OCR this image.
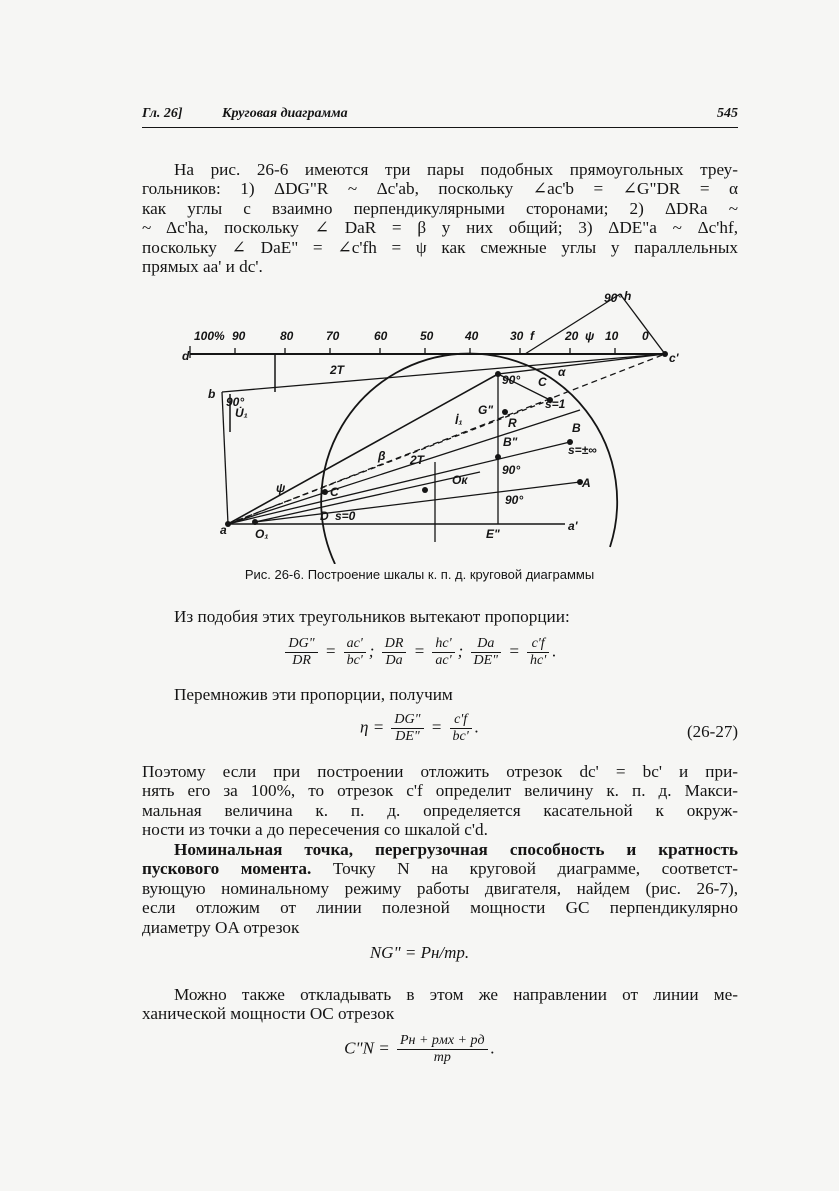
Гл. 26]	Круговая диаграмма	545

На рис. 26-6 имеются три пары подобных прямоугольных треу-
гольников: 1) ΔDG"R ~ Δc'ab, поскольку ∠ac'b = ∠G"DR = α
как углы с взаимно перпендикулярными сторонами; 2) ΔDRa ~
~ Δc'ha, поскольку ∠ DaR = β у них общий; 3) ΔDE"a ~ Δc'hf,
поскольку ∠ DaE" = ∠c'fh = ψ как смежные углы у параллельных
прямых aa' и dc'.

100% 90	80	70	60	50	40	30 f	20 ψ 10 0
d	c'
h
90°
2T
b
90°
U̇₁	İ₁
90° C
α
G"
R
s=1
B
B"
s=±∞
β 2T
90°
Oк	A
ψ	C
90°
D s=0
a O₁	E"
a'
Рис. 26-6. Построение шкалы к. п. д. круговой диаграммы

Из подобия этих треугольников вытекают пропорции:

$\frac{DG"}{DR} = \frac{ac'}{bc'}$ ; $\frac{DR}{Da} = \frac{hc'}{ac'}$ ; $\frac{Da}{DE"} = \frac{c'f}{hc'}$ .

Перемножив эти пропорции, получим

$\eta = \frac{DG"}{DE"} = \frac{c'f}{bc'}$ .	(26-27)

Поэтому если при построении отложить отрезок dc' = bc' и при-
нять его за 100%, то отрезок c'f определит величину к. п. д. Макси-
мальная величина к. п. д. определяется касательной к окруж-
ности из точки a до пересечения со шкалой c'd.

Номинальная точка, перегрузочная способность и кратность
пускового момента. Точку N на круговой диаграмме, соответст-
вующую номинальному режиму работы двигателя, найдем (рис. 26-7),
если отложим от линии полезной мощности GC перпендикулярно
диаметру OA отрезок

NG" = Pн/mp.

Можно также откладывать в этом же направлении от линии ме-
ханической мощности OC отрезок

C"N = $\frac{\text{Pн + pмх + pд}}{mp}$ .
